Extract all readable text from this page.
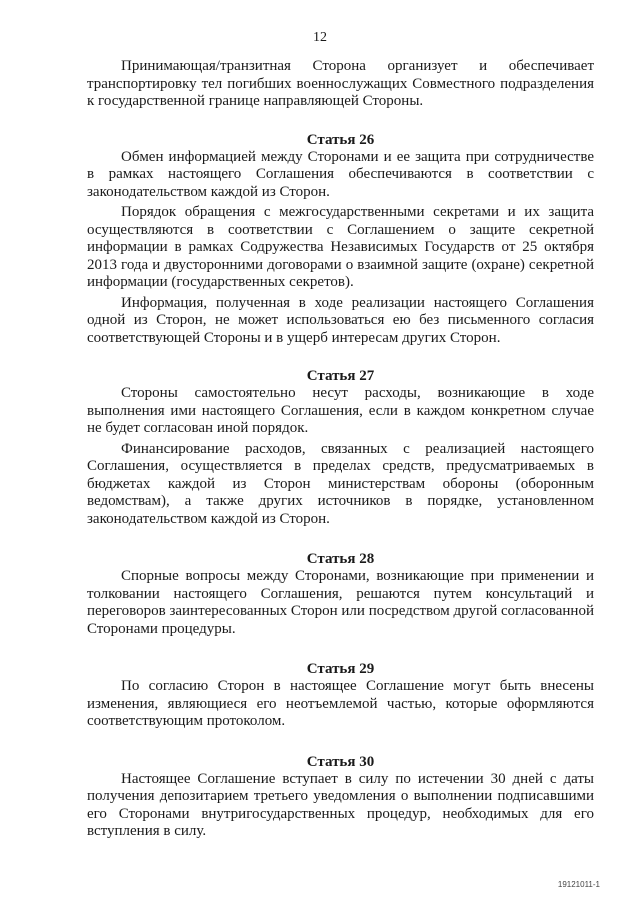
12

Принимающая/транзитная Сторона организует и обеспечивает транспортировку тел погибших военнослужащих Совместного подразделения к государственной границе направляющей Стороны.

Статья 26

Обмен информацией между Сторонами и ее защита при сотрудничестве в рамках настоящего Соглашения обеспечиваются в соответствии с законодательством каждой из Сторон.

Порядок обращения с межгосударственными секретами и их защита осуществляются в соответствии с Соглашением о защите секретной информации в рамках Содружества Независимых Государств от 25 октября 2013 года и двусторонними договорами о взаимной защите (охране) секретной информации (государственных секретов).

Информация, полученная в ходе реализации настоящего Соглашения одной из Сторон, не может использоваться ею без письменного согласия соответствующей Стороны и в ущерб интересам других Сторон.

Статья 27

Стороны самостоятельно несут расходы, возникающие в ходе выполнения ими настоящего Соглашения, если в каждом конкретном случае не будет согласован иной порядок.

Финансирование расходов, связанных с реализацией настоящего Соглашения, осуществляется в пределах средств, предусматриваемых в бюджетах каждой из Сторон министерствам обороны (оборонным ведомствам), а также других источников в порядке, установленном законодательством каждой из Сторон.

Статья 28

Спорные вопросы между Сторонами, возникающие при применении и толковании настоящего Соглашения, решаются путем консультаций и переговоров заинтересованных Сторон или посредством другой согласованной Сторонами процедуры.

Статья 29

По согласию Сторон в настоящее Соглашение могут быть внесены изменения, являющиеся его неотъемлемой частью, которые оформляются соответствующим протоколом.

Статья 30

Настоящее Соглашение вступает в силу по истечении 30 дней с даты получения депозитарием третьего уведомления о выполнении подписавшими его Сторонами внутригосударственных процедур, необходимых для его вступления в силу.

19121011-1
